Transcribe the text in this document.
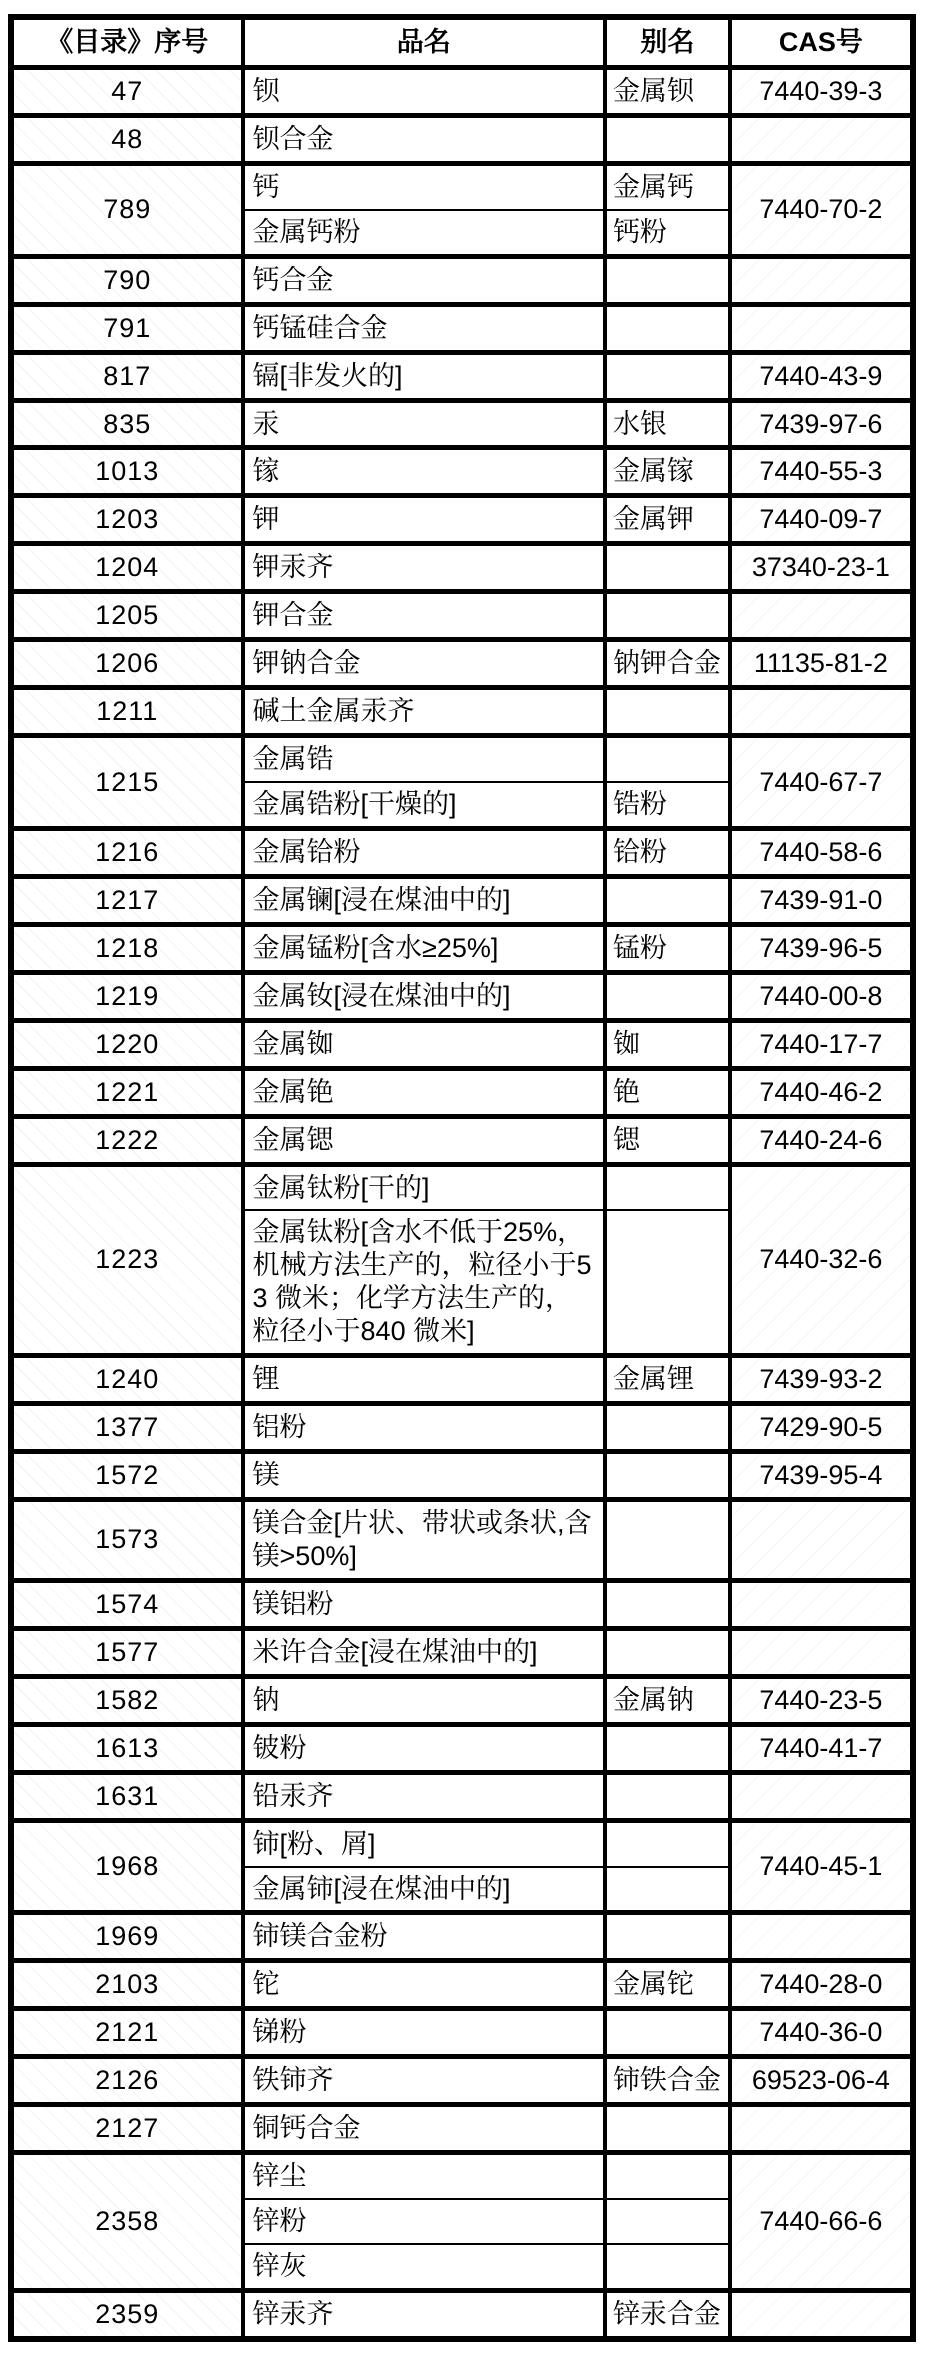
《目录》序号	品名	别名	CAS号
47	钡	金属钡	7440-39-3
48	钡合金		
789	钙	金属钙	7440-70-2
	金属钙粉	钙粉	
790	钙合金		
791	钙锰硅合金		
817	镉[非发火的]		7440-43-9
835	汞	水银	7439-97-6
1013	镓	金属镓	7440-55-3
1203	钾	金属钾	7440-09-7
1204	钾汞齐		37340-23-1
1205	钾合金		
1206	钾钠合金	钠钾合金	11135-81-2
1211	碱土金属汞齐		
1215	金属锆		7440-67-7
	金属锆粉[干燥的]	锆粉	
1216	金属铪粉	铪粉	7440-58-6
1217	金属镧[浸在煤油中的]		7439-91-0
1218	金属锰粉[含水≥25%]	锰粉	7439-96-5
1219	金属钕[浸在煤油中的]		7440-00-8
1220	金属铷	铷	7440-17-7
1221	金属铯	铯	7440-46-2
1222	金属锶	锶	7440-24-6
1223	金属钛粉[干的]		7440-32-6
	金属钛粉[含水不低于25%，机械方法生产的，粒径小于53 微米；化学方法生产的，粒径小于840 微米]		
1240	锂	金属锂	7439-93-2
1377	铝粉		7429-90-5
1572	镁		7439-95-4
1573	镁合金[片状、带状或条状,含镁>50%]		
1574	镁铝粉		
1577	米许合金[浸在煤油中的]		
1582	钠	金属钠	7440-23-5
1613	铍粉		7440-41-7
1631	铅汞齐		
1968	铈[粉、屑]		7440-45-1
	金属铈[浸在煤油中的]		
1969	铈镁合金粉		
2103	铊	金属铊	7440-28-0
2121	锑粉		7440-36-0
2126	铁铈齐	铈铁合金	69523-06-4
2127	铜钙合金		
2358	锌尘		7440-66-6
	锌粉		
	锌灰		
2359	锌汞齐	锌汞合金	
